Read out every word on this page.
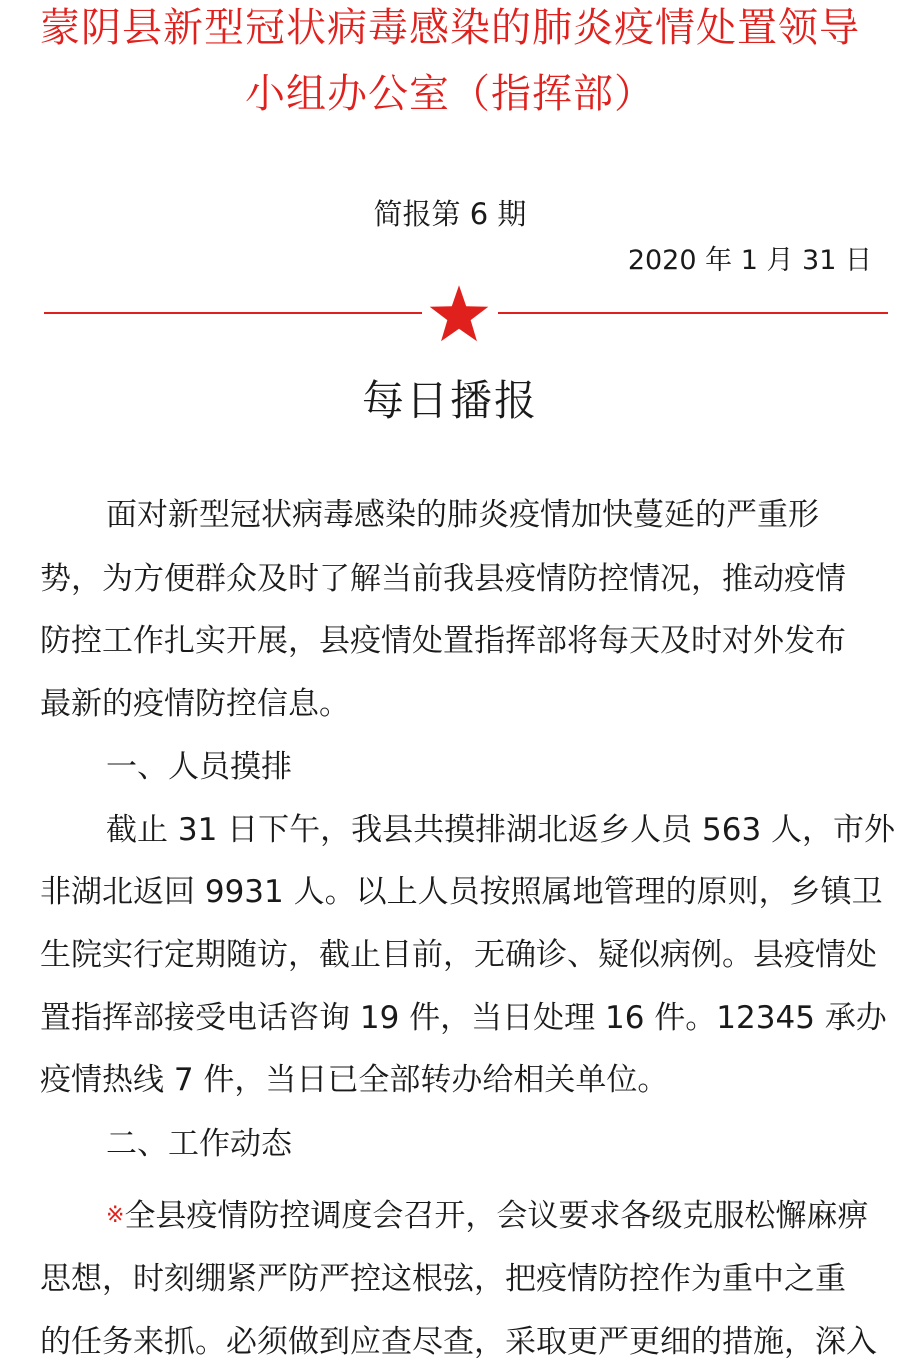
蒙阴县新型冠状病毒感染的肺炎疫情处置领导
小组办公室（指挥部）
简报第 6 期
2020 年 1 月 31 日
每日播报
面对新型冠状病毒感染的肺炎疫情加快蔓延的严重形
势，为方便群众及时了解当前我县疫情防控情况，推动疫情
防控工作扎实开展，县疫情处置指挥部将每天及时对外发布
最新的疫情防控信息。
一、人员摸排
截止 31 日下午，我县共摸排湖北返乡人员 563 人，市外
非湖北返回 9931 人。以上人员按照属地管理的原则，乡镇卫
生院实行定期随访，截止目前，无确诊、疑似病例。县疫情处
置指挥部接受电话咨询 19 件，当日处理 16 件。12345 承办
疫情热线 7 件，当日已全部转办给相关单位。
二、工作动态
※全县疫情防控调度会召开，会议要求各级克服松懈麻痹
思想，时刻绷紧严防严控这根弦，把疫情防控作为重中之重
的任务来抓。必须做到应查尽查，采取更严更细的措施，深入
